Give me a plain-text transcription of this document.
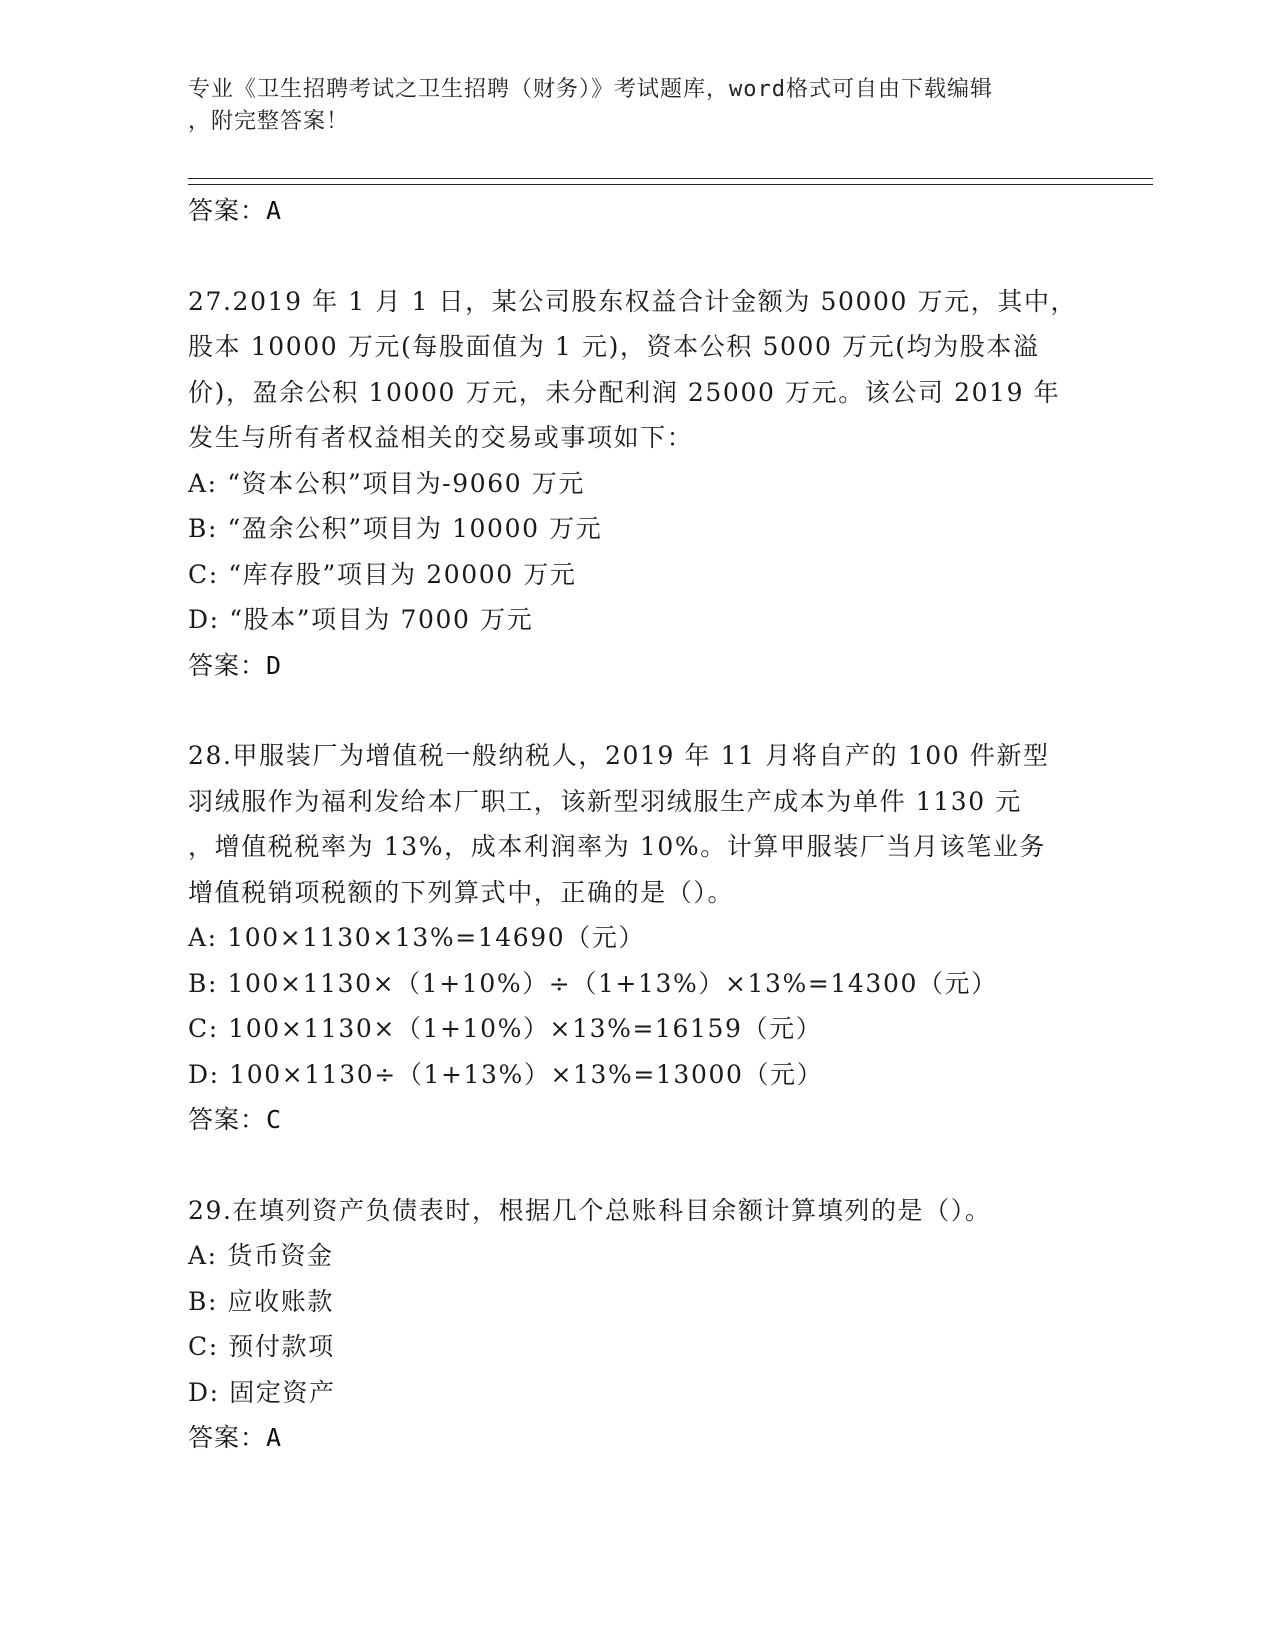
专业《卫生招聘考试之卫生招聘（财务）》考试题库，word格式可自由下载编辑
，附完整答案！
答案：A
27.2019 年 1 月 1 日，某公司股东权益合计金额为 50000 万元，其中，
股本 10000 万元(每股面值为 1 元)，资本公积 5000 万元(均为股本溢
价)，盈余公积 10000 万元，未分配利润 25000 万元。该公司 2019 年
发生与所有者权益相关的交易或事项如下：
A: “资本公积”项目为-9060 万元
B: “盈余公积”项目为 10000 万元
C: “库存股”项目为 20000 万元
D: “股本”项目为 7000 万元
答案：D
28.甲服装厂为增值税一般纳税人，2019 年 11 月将自产的 100 件新型
羽绒服作为福利发给本厂职工，该新型羽绒服生产成本为单件 1130 元
，增值税税率为 13%，成本利润率为 10%。计算甲服装厂当月该笔业务
增值税销项税额的下列算式中，正确的是（）。
A: 100×1130×13%=14690（元）
B: 100×1130×（1+10%）÷（1+13%）×13%=14300（元）
C: 100×1130×（1+10%）×13%=16159（元）
D: 100×1130÷（1+13%）×13%=13000（元）
答案：C
29.在填列资产负债表时，根据几个总账科目余额计算填列的是（）。
A: 货币资金
B: 应收账款
C: 预付款项
D: 固定资产
答案：A
